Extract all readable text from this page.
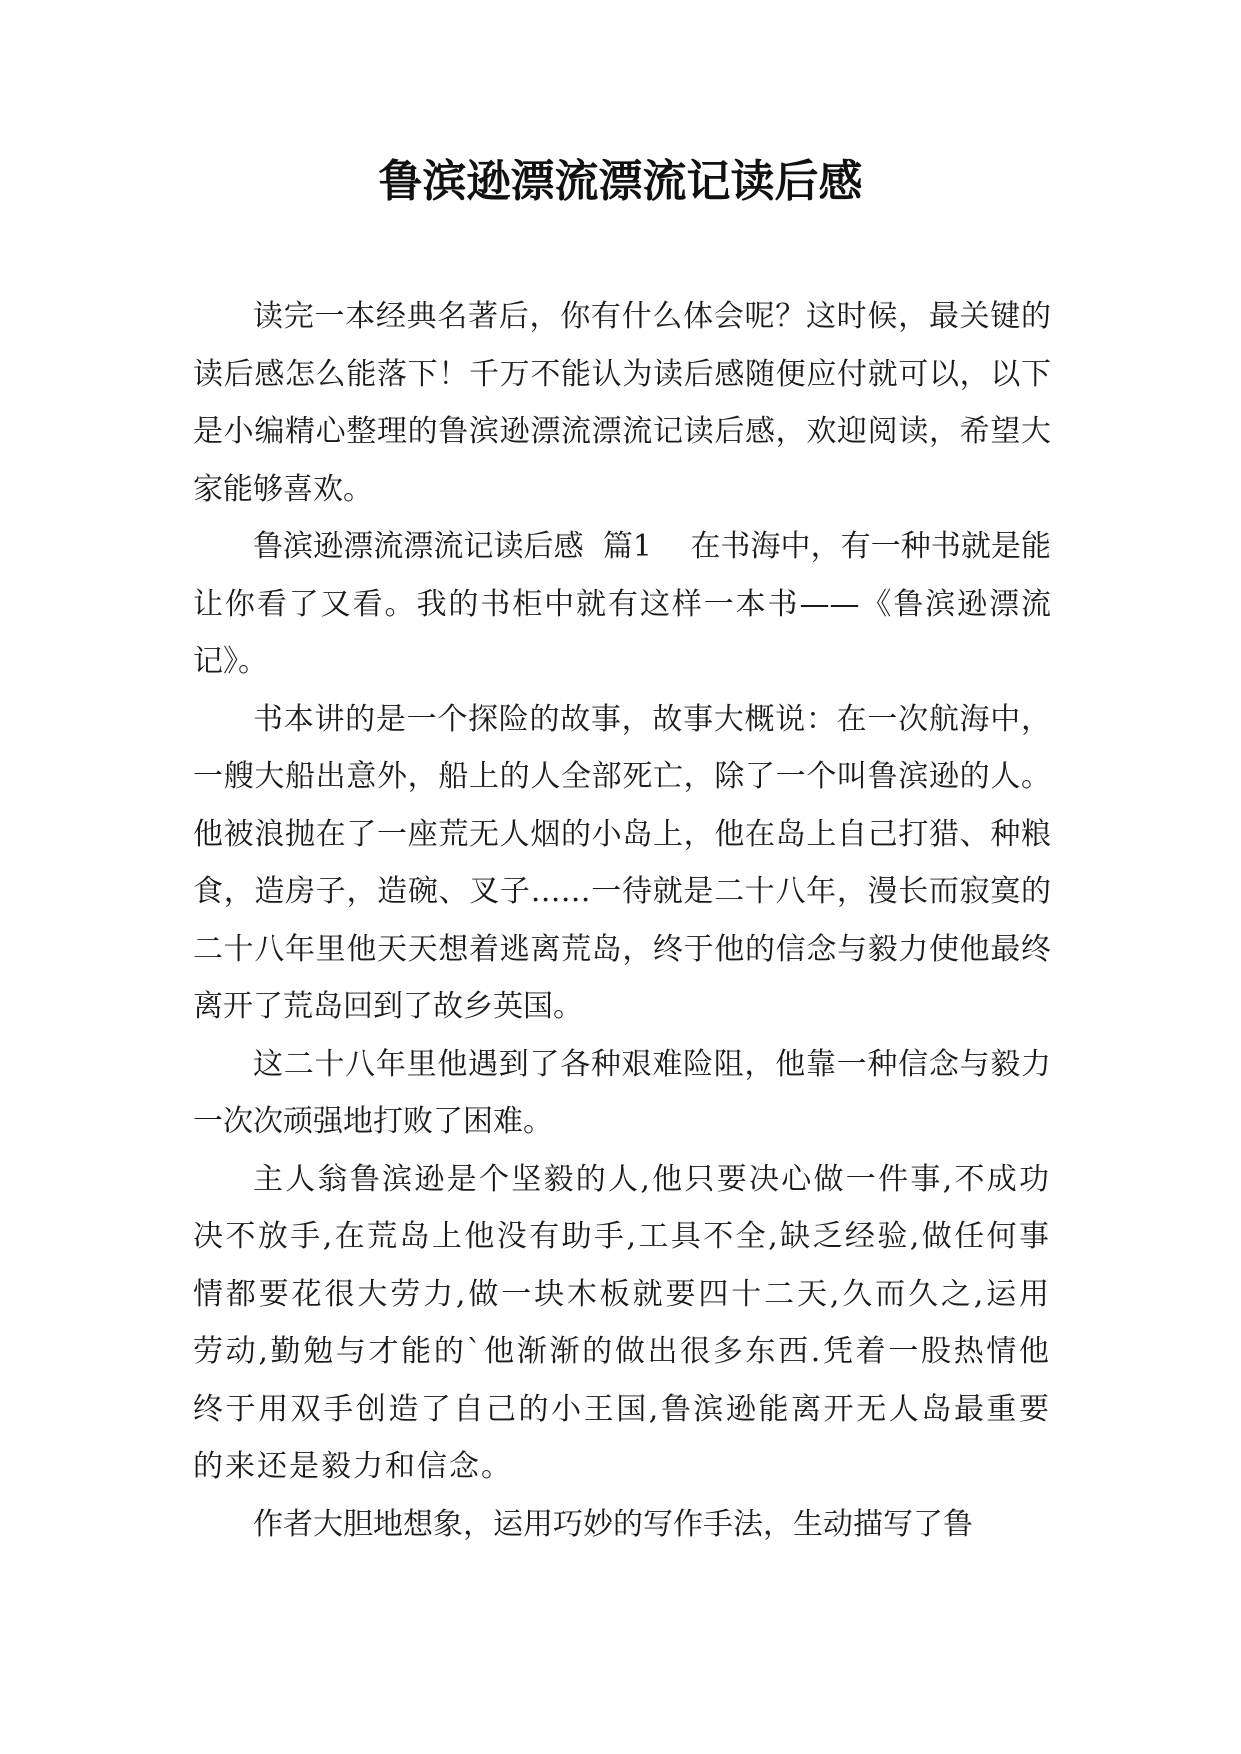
鲁滨逊漂流漂流记读后感

读完一本经典名著后，你有什么体会呢？这时候，最关键的读后感怎么能落下！千万不能认为读后感随便应付就可以，以下是小编精心整理的鲁滨逊漂流漂流记读后感，欢迎阅读，希望大家能够喜欢。

鲁滨逊漂流漂流记读后感  篇1    在书海中，有一种书就是能让你看了又看。我的书柜中就有这样一本书——《鲁滨逊漂流记》。

书本讲的是一个探险的故事，故事大概说：在一次航海中，一艘大船出意外，船上的人全部死亡，除了一个叫鲁滨逊的人。他被浪抛在了一座荒无人烟的小岛上，他在岛上自己打猎、种粮食，造房子，造碗、叉子……一待就是二十八年，漫长而寂寞的二十八年里他天天想着逃离荒岛，终于他的信念与毅力使他最终离开了荒岛回到了故乡英国。

这二十八年里他遇到了各种艰难险阻，他靠一种信念与毅力一次次顽强地打败了困难。

主人翁鲁滨逊是个坚毅的人,他只要决心做一件事,不成功决不放手,在荒岛上他没有助手,工具不全,缺乏经验,做任何事情都要花很大劳力,做一块木板就要四十二天,久而久之,运用劳动,勤勉与才能的`他渐渐的做出很多东西.凭着一股热情他终于用双手创造了自己的小王国,鲁滨逊能离开无人岛最重要的来还是毅力和信念。

作者大胆地想象，运用巧妙的写作手法，生动描写了鲁
